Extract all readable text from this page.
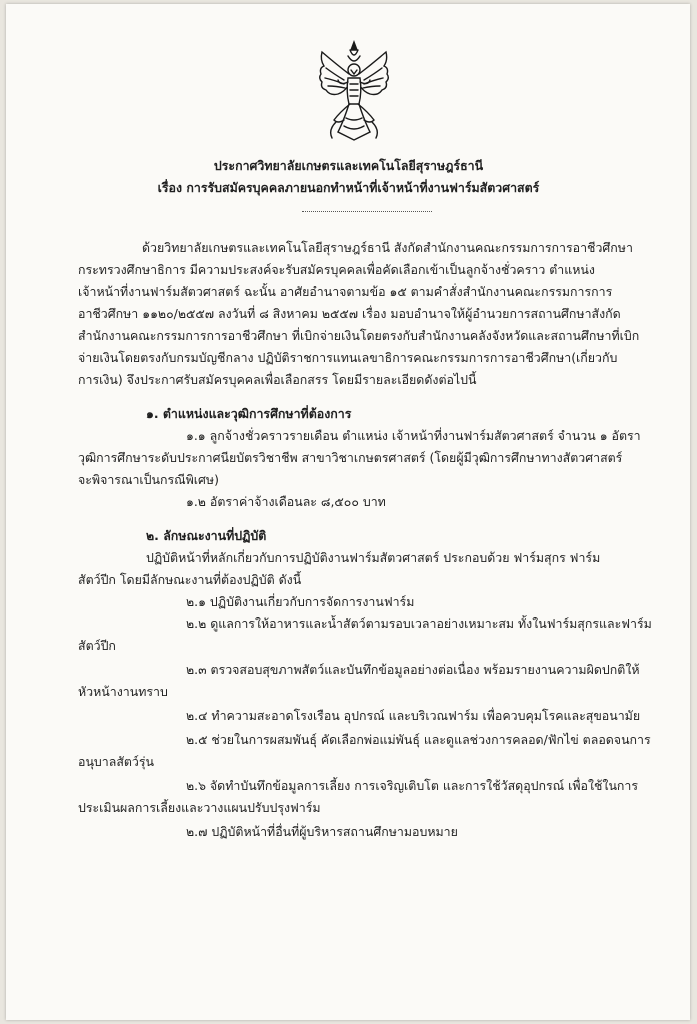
ประกาศวิทยาลัยเกษตรและเทคโนโลยีสุราษฎร์ธานี
เรื่อง การรับสมัครบุคคลภายนอกทำหน้าที่เจ้าหน้าที่งานฟาร์มสัตวศาสตร์
ด้วยวิทยาลัยเกษตรและเทคโนโลยีสุราษฎร์ธานี สังกัดสำนักงานคณะกรรมการการอาชีวศึกษา
กระทรวงศึกษาธิการ มีความประสงค์จะรับสมัครบุคคลเพื่อคัดเลือกเข้าเป็นลูกจ้างชั่วคราว ตำแหน่ง
เจ้าหน้าที่งานฟาร์มสัตวศาสตร์ ฉะนั้น อาศัยอำนาจตามข้อ ๑๕ ตามคำสั่งสำนักงานคณะกรรมการการ
อาชีวศึกษา ๑๑๒๐/๒๕๕๗ ลงวันที่ ๘ สิงหาคม ๒๕๕๗ เรื่อง มอบอำนาจให้ผู้อำนวยการสถานศึกษาสังกัด
สำนักงานคณะกรรมการการอาชีวศึกษา ที่เบิกจ่ายเงินโดยตรงกับสำนักงานคลังจังหวัดและสถานศึกษาที่เบิก
จ่ายเงินโดยตรงกับกรมบัญชีกลาง ปฏิบัติราชการแทนเลขาธิการคณะกรรมการการอาชีวศึกษา(เกี่ยวกับ
การเงิน) จึงประกาศรับสมัครบุคคลเพื่อเลือกสรร โดยมีรายละเอียดดังต่อไปนี้
๑. ตำแหน่งและวุฒิการศึกษาที่ต้องการ
๑.๑ ลูกจ้างชั่วคราวรายเดือน ตำแหน่ง เจ้าหน้าที่งานฟาร์มสัตวศาสตร์ จำนวน ๑ อัตรา
วุฒิการศึกษาระดับประกาศนียบัตรวิชาชีพ สาขาวิชาเกษตรศาสตร์ (โดยผู้มีวุฒิการศึกษาทางสัตวศาสตร์
จะพิจารณาเป็นกรณีพิเศษ)
๑.๒ อัตราค่าจ้างเดือนละ ๘,๕๐๐ บาท
๒. ลักษณะงานที่ปฏิบัติ
ปฏิบัติหน้าที่หลักเกี่ยวกับการปฏิบัติงานฟาร์มสัตวศาสตร์ ประกอบด้วย ฟาร์มสุกร ฟาร์ม
สัตว์ปีก โดยมีลักษณะงานที่ต้องปฏิบัติ ดังนี้
๒.๑ ปฏิบัติงานเกี่ยวกับการจัดการงานฟาร์ม
๒.๒ ดูแลการให้อาหารและน้ำสัตว์ตามรอบเวลาอย่างเหมาะสม ทั้งในฟาร์มสุกรและฟาร์ม
สัตว์ปีก
๒.๓ ตรวจสอบสุขภาพสัตว์และบันทึกข้อมูลอย่างต่อเนื่อง พร้อมรายงานความผิดปกติให้
หัวหน้างานทราบ
๒.๔ ทำความสะอาดโรงเรือน อุปกรณ์ และบริเวณฟาร์ม เพื่อควบคุมโรคและสุขอนามัย
๒.๕ ช่วยในการผสมพันธุ์ คัดเลือกพ่อแม่พันธุ์ และดูแลช่วงการคลอด/ฟักไข่ ตลอดจนการ
อนุบาลสัตว์รุ่น
๒.๖ จัดทำบันทึกข้อมูลการเลี้ยง การเจริญเติบโต และการใช้วัสดุอุปกรณ์ เพื่อใช้ในการ
ประเมินผลการเลี้ยงและวางแผนปรับปรุงฟาร์ม
๒.๗ ปฏิบัติหน้าที่อื่นที่ผู้บริหารสถานศึกษามอบหมาย
